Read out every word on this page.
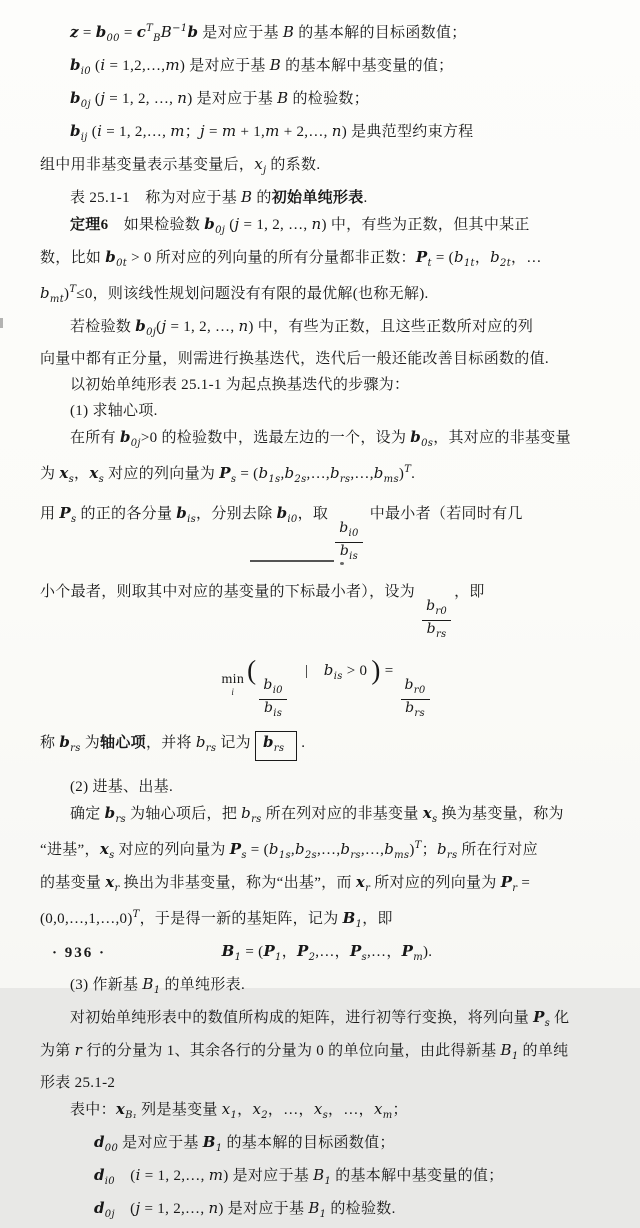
$z = b_{00} = c^T_BB^{-1}b$ 是对应于基 B 的基本解的目标函数值；
$b_{i0}$ (i = 1,2,…,m) 是对应于基 B 的基本解中基变量的值；
$b_{0j}$ (j = 1, 2, …, n) 是对应于基 B 的检验数；
$b_{ij}$ (i = 1, 2,…, m；j = m + 1,m + 2,…, n) 是典范型约束方程
组中用非基变量表示基变量后，$x_j$ 的系数.
表 25.1-1　称为对应于基 B 的初始单纯形表.
定理6　如果检验数 $b_{0j}$ (j = 1, 2, …, n) 中，有些为正数，但其中某正
数，比如 $b_{0t} > 0$ 所对应的列向量的所有分量都非正数：$P_t = (b_{1t}$，$b_{2t}$，…
$b_{mt})^T\le 0$，则该线性规划问题没有有限的最优解(也称无解).
若检验数 $b_{0j}(j = 1$, 2, …, n) 中，有些为正数，且这些正数所对应的列
向量中都有正分量，则需进行换基迭代，迭代后一般还能改善目标函数的值.
以初始单纯形表 25.1-1 为起点换基迭代的步骤为：
(1) 求轴心项.
在所有 $b_{0j}>0$ 的检验数中，选最左边的一个，设为 $b_{0s}$，其对应的非基变量
为 $x_s$，$x_s$ 对应的列向量为 $P_s$ = $(b_{1s},b_{2s},\dots,b_{rs},\dots,b_{ms})^T$.
用 $P_s$ 的正的各分量 $b_{is}$，分别去除 $b_{i0}$，取
$\frac{b_{i0}}{b_{is}}$
中最小者（若同时有几
小个最者，则取其中对应的基变量的下标最小者），设为
$\frac{b_{r0}}{b_{rs}}$
，即
min
i
(
$\frac{b_{i0}}{b_{is}}$
　|　 $b_{is} > 0$ ) =
$\frac{b_{r0}}{b_{rs}}$
称 $b_{rs}$ 为轴心项，并将 $b_{rs}$ 记为 $b_{rs}$ .
(2) 进基、出基.
确定 $b_{rs}$ 为轴心项后，把 $b_{rs}$ 所在列对应的非基变量 $x_s$ 换为基变量，称为
“进基”，$x_s$ 对应的列向量为 $P_s$ = $(b_{1s},b_{2s},\dots,b_{rs},\dots,b_{ms})^T$；$b_{rs}$ 所在行对应
的基变量 $x_r$ 换出为非基变量，称为“出基”，而 $x_r$ 所对应的列向量为 $P_r$ =
(0,0,…,1,…,0)$^T$，于是得一新的基矩阵，记为 $B_1$，即
$B_1 = (P_1$，$P_2,\dots$，$P_s,\dots$，$P_m$).
(3) 作新基 $B_1$ 的单纯形表.
对初始单纯形表中的数值所构成的矩阵，进行初等行变换，将列向量 $P_s$ 化
为第 r 行的分量为 1、其余各行的分量为 0 的单位向量，由此得新基 $B_1$ 的单纯
形表 25.1-2
表中：$x_{B_1}$ 列是基变量 $x_1$，$x_2$，…，$x_s$，…，$x_m$；
$d_{00}$ 是对应于基 $B_1$ 的基本解的目标函数值；
$d_{i0}$　(i = 1, 2,…, m) 是对应于基 $B_1$ 的基本解中基变量的值；
$d_{0j}$　(j = 1, 2,…, n) 是对应于基 $B_1$ 的检验数.
· 936 ·
